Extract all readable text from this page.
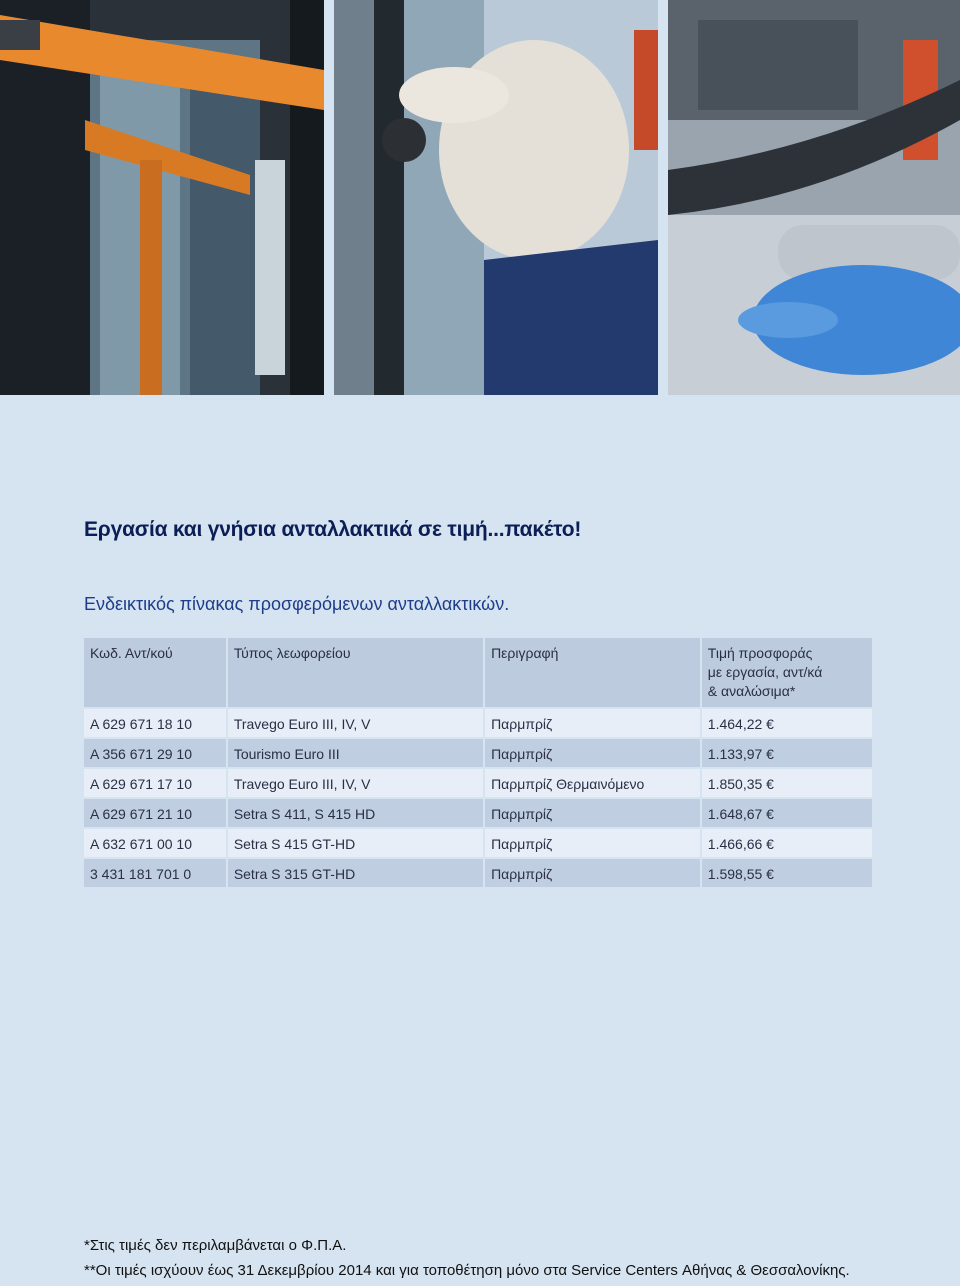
Εργασία και γνήσια ανταλλακτικά σε τιμή...πακέτο!
Ενδεικτικός πίνακας προσφερόμενων ανταλλακτικών.
Κωδ. Αντ/κού	Τύπος λεωφορείου	Περιγραφή	Τιμή προσφοράς
με εργασία, αντ/κά
& αναλώσιμα*
A 629 671 18 10	Travego Euro III, IV, V	Παρμπρίζ	1.464,22 €
A 356 671 29 10	Tourismo Euro III	Παρμπρίζ	1.133,97 €
A 629 671 17 10	Travego Euro III, IV, V	Παρμπρίζ Θερμαινόμενο	1.850,35 €
A 629 671 21 10	Setra S 411, S 415 HD	Παρμπρίζ	1.648,67 €
A 632 671 00 10	Setra S 415 GT-HD	Παρμπρίζ	1.466,66 €
3 431 181 701 0	Setra S 315 GT-HD	Παρμπρίζ	1.598,55 €

*Στις τιμές δεν περιλαμβάνεται ο Φ.Π.Α.

**Οι τιμές ισχύουν έως 31 Δεκεμβρίου 2014 και για τοποθέτηση μόνο στα Service Centers Αθήνας & Θεσσαλονίκης.
